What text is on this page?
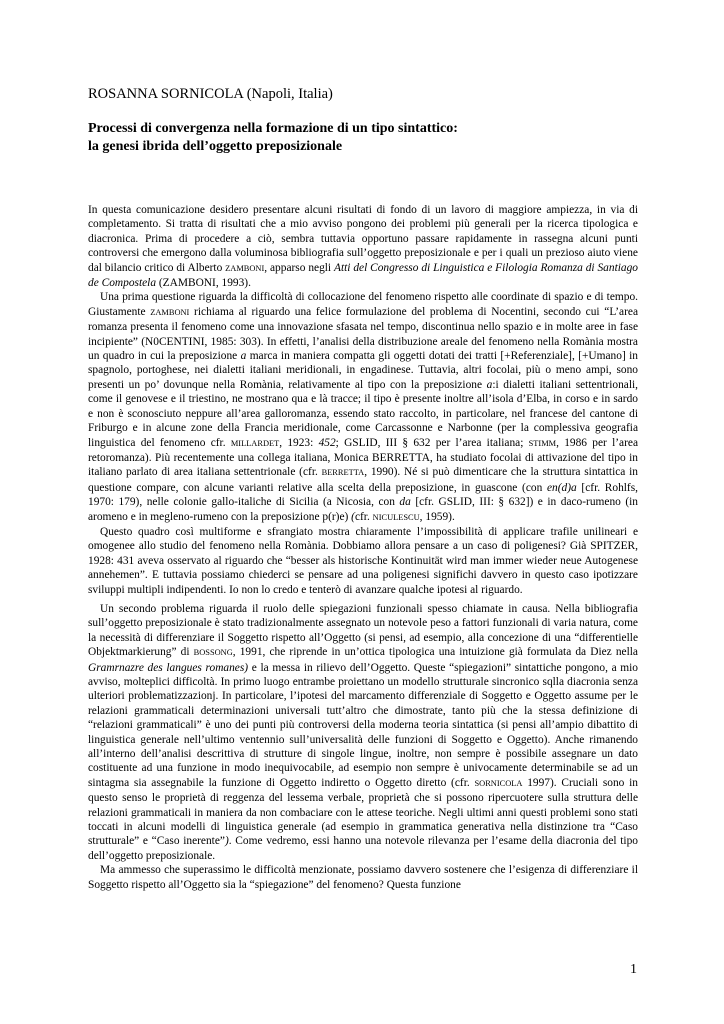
ROSANNA SORNICOLA (Napoli, Italia)
Processi di convergenza nella formazione di un tipo sintattico:
la genesi ibrida dell’oggetto preposizionale

In questa comunicazione desidero presentare alcuni risultati di fondo di un lavoro di maggiore ampiezza, in via di completamento. Si tratta di risultati che a mio avviso pongono dei problemi più generali per la ricerca tipologica e diacronica. Prima di procedere a ciò, sembra tuttavia opportuno passare rapidamente in rassegna alcuni punti controversi che emergono dalla voluminosa bibliografia sull’oggetto preposizionale e per i quali un prezioso aiuto viene dal bilancio critico di Alberto ZAMBONI, apparso negli Atti del Congresso di Linguistica e Filologia Romanza di Santiago de Compostela (ZAMBONI, 1993).

Una prima questione riguarda la difficoltà di collocazione del fenomeno rispetto alle coordinate di spazio e di tempo. Giustamente ZAMBONI richiama al riguardo una felice formulazione del problema di Nocentini, secondo cui “L’area romanza presenta il fenomeno come una innovazione sfasata nel tempo, discontinua nello spazio e in molte aree in fase incipiente” (N0CENTINI, 1985: 303). In effetti, l’analisi della distribuzione areale del fenomeno nella Romània mostra un quadro in cui la preposizione a marca in maniera compatta gli oggetti dotati dei tratti [+Referenziale], [+Umano] in spagnolo, portoghese, nei dialetti italiani meridionali, in engadinese. Tuttavia, altri focolai, più o meno ampi, sono presenti un po’ dovunque nella Romània, relativamente al tipo con la preposizione a:i dialetti italiani settentrionali, come il genovese e il triestino, ne mostrano qua e là tracce; il tipo è presente inoltre all’isola d’Elba, in corso e in sardo e non è sconosciuto neppure all’area galloromanza, essendo stato raccolto, in particolare, nel francese del cantone di Friburgo e in alcune zone della Francia meridionale, come Carcassonne e Narbonne (per la complessiva geografia linguistica del fenomeno cfr. MILLARDET, 1923: 452; GSLID, III § 632 per l’area italiana; STIMM, 1986 per l’area retoromanza). Più recentemente una collega italiana, Monica BERRETTA, ha studiato focolai di attivazione del tipo in italiano parlato di area italiana settentrionale (cfr. BERRETTA, 1990). Né si può dimenticare che la struttura sintattica in questione compare, con alcune varianti relative alla scelta della preposizione, in guascone (con en(d)a [cfr. Rohlfs, 1970: 179), nelle colonie gallo-italiche di Sicilia (a Nicosia, con da [cfr. GSLID, III: § 632]) e in daco-rumeno (in aromeno e in megleno-rumeno con la preposizione p(r)e) (cfr. NICULESCU, 1959).

Questo quadro così multiforme e sfrangiato mostra chiaramente l’impossibilità di applicare trafile unilineari e omogenee allo studio del fenomeno nella Romània. Dobbiamo allora pensare a un caso di poligenesi? Già SPITZER, 1928: 431 aveva osservato al riguardo che “besser als historische Kontinuität wird man immer wieder neue Autogenese annehemen”. E tuttavia possiamo chiederci se pensare ad una poligenesi significhi davvero in questo caso ipotizzare sviluppi multipli indipendenti. Io non lo credo e tenterò di avanzare qualche ipotesi al riguardo.

Un secondo problema riguarda il ruolo delle spiegazioni funzionali spesso chiamate in causa. Nella bibliografia sull’oggetto preposizionale è stato tradizionalmente assegnato un notevole peso a fattori funzionali di varia natura, come la necessità di differenziare il Soggetto rispetto all’Oggetto (si pensi, ad esempio, alla concezione di una “differentielle Objektmarkierung” di BOSSONG, 1991, che riprende in un’ottica tipologica una intuizione già formulata da Diez nella Gramrnazre des langues romanes) e la messa in rilievo dell’Oggetto. Queste “spiegazioni” sintattiche pongono, a mio avviso, molteplici difficoltà. In primo luogo entrambe proiettano un modello strutturale sincronico sqlla diacronia senza ulteriori problematizzazionj. In particolare, l’ipotesi del marcamento differenziale di Soggetto e Oggetto assume per le relazioni grammaticali determinazioni universali tutt’altro che dimostrate, tanto più che la stessa definizione di “relazioni grammaticali” è uno dei punti più controversi della moderna teoria sintattica (si pensi all’ampio dibattito di linguistica generale nell’ultimo ventennio sull’universalità delle funzioni di Soggetto e Oggetto). Anche rimanendo all’interno dell’analisi descrittiva di strutture di singole lingue, inoltre, non sempre è possibile assegnare un dato costituente ad una funzione in modo inequivocabile, ad esempio non sempre è univocamente determinabile se ad un sintagma sia assegnabile la funzione di Oggetto indiretto o Oggetto diretto (cfr. SORNICOLA 1997). Cruciali sono in questo senso le proprietà di reggenza del lessema verbale, proprietà che si possono ripercuotere sulla struttura delle relazioni grammaticali in maniera da non combaciare con le attese teoriche. Negli ultimi anni questi problemi sono stati toccati in alcuni modelli di linguistica generale (ad esempio in grammatica generativa nella distinzione tra “Caso strutturale” e “Caso inerente”). Come vedremo, essi hanno una notevole rilevanza per l’esame della diacronia del tipo dell’oggetto preposizionale.

Ma ammesso che superassimo le difficoltà menzionate, possiamo davvero sostenere che l’esigenza di differenziare il Soggetto rispetto all’Oggetto sia la “spiegazione” del fenomeno? Questa funzione

1
